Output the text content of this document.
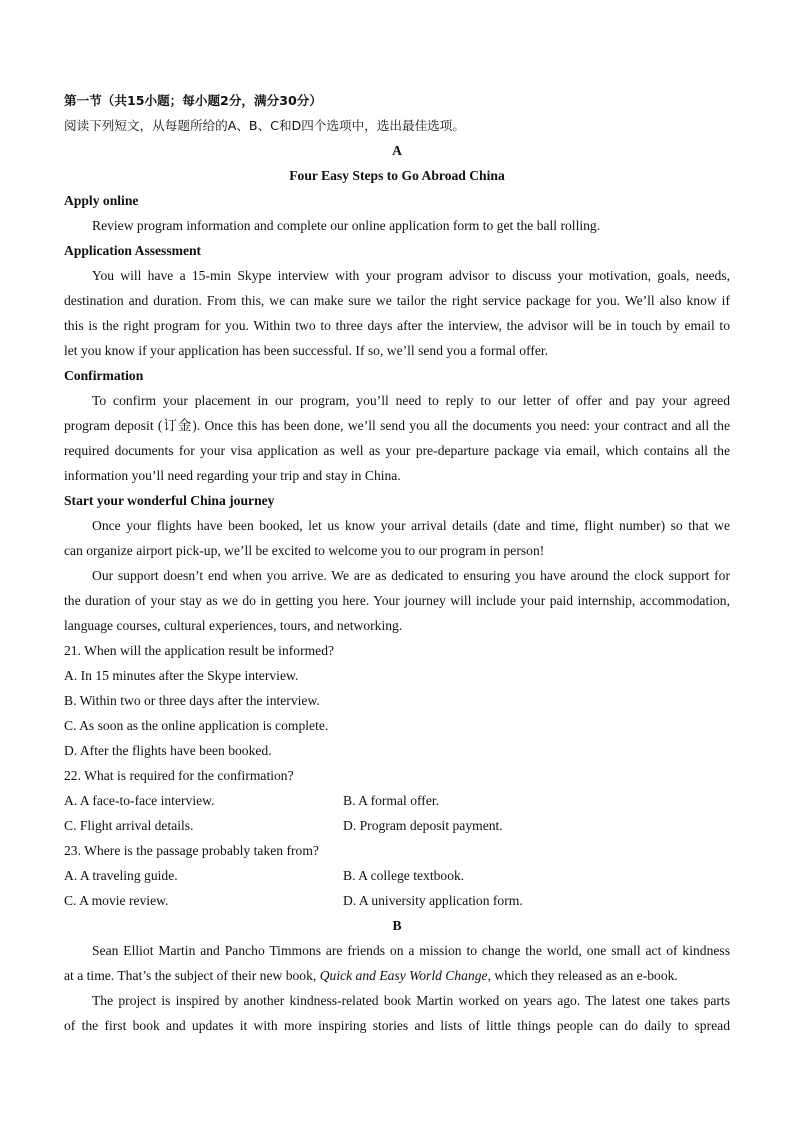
第一节（共15小题；每小题2分，满分30分）
阅读下列短文，从每题所给的A、B、C和D四个选项中，选出最佳选项。
A
Four Easy Steps to Go Abroad China
Apply online
Review program information and complete our online application form to get the ball rolling.
Application Assessment
You will have a 15-min Skype interview with your program advisor to discuss your motivation, goals, needs,
destination and duration. From this, we can make sure we tailor the right service package for you. We’ll also know if
this is the right program for you. Within two to three days after the interview, the advisor will be in touch by email to
let you know if your application has been successful. If so, we’ll send you a formal offer.
Confirmation
To confirm your placement in our program, you’ll need to reply to our letter of offer and pay your agreed
program deposit (订金). Once this has been done, we’ll send you all the documents you need: your contract and all the
required documents for your visa application as well as your pre-departure package via email, which contains all the
information you’ll need regarding your trip and stay in China.
Start your wonderful China journey
Once your flights have been booked, let us know your arrival details (date and time, flight number) so that we
can organize airport pick-up, we’ll be excited to welcome you to our program in person!
Our support doesn’t end when you arrive. We are as dedicated to ensuring you have around the clock support for
the duration of your stay as we do in getting you here. Your journey will include your paid internship, accommodation,
language courses, cultural experiences, tours, and networking.
21. When will the application result be informed?
A. In 15 minutes after the Skype interview.
B. Within two or three days after the interview.
C. As soon as the online application is complete.
D. After the flights have been booked.
22. What is required for the confirmation?
A. A face-to-face interview.	B. A formal offer.
C. Flight arrival details.	D. Program deposit payment.
23. Where is the passage probably taken from?
A. A traveling guide.	B. A college textbook.
C. A movie review.	D. A university application form.
B
Sean Elliot Martin and Pancho Timmons are friends on a mission to change the world, one small act of kindness
at a time. That’s the subject of their new book, Quick and Easy World Change, which they released as an e-book.
The project is inspired by another kindness-related book Martin worked on years ago. The latest one takes parts
of the first book and updates it with more inspiring stories and lists of little things people can do daily to spread
